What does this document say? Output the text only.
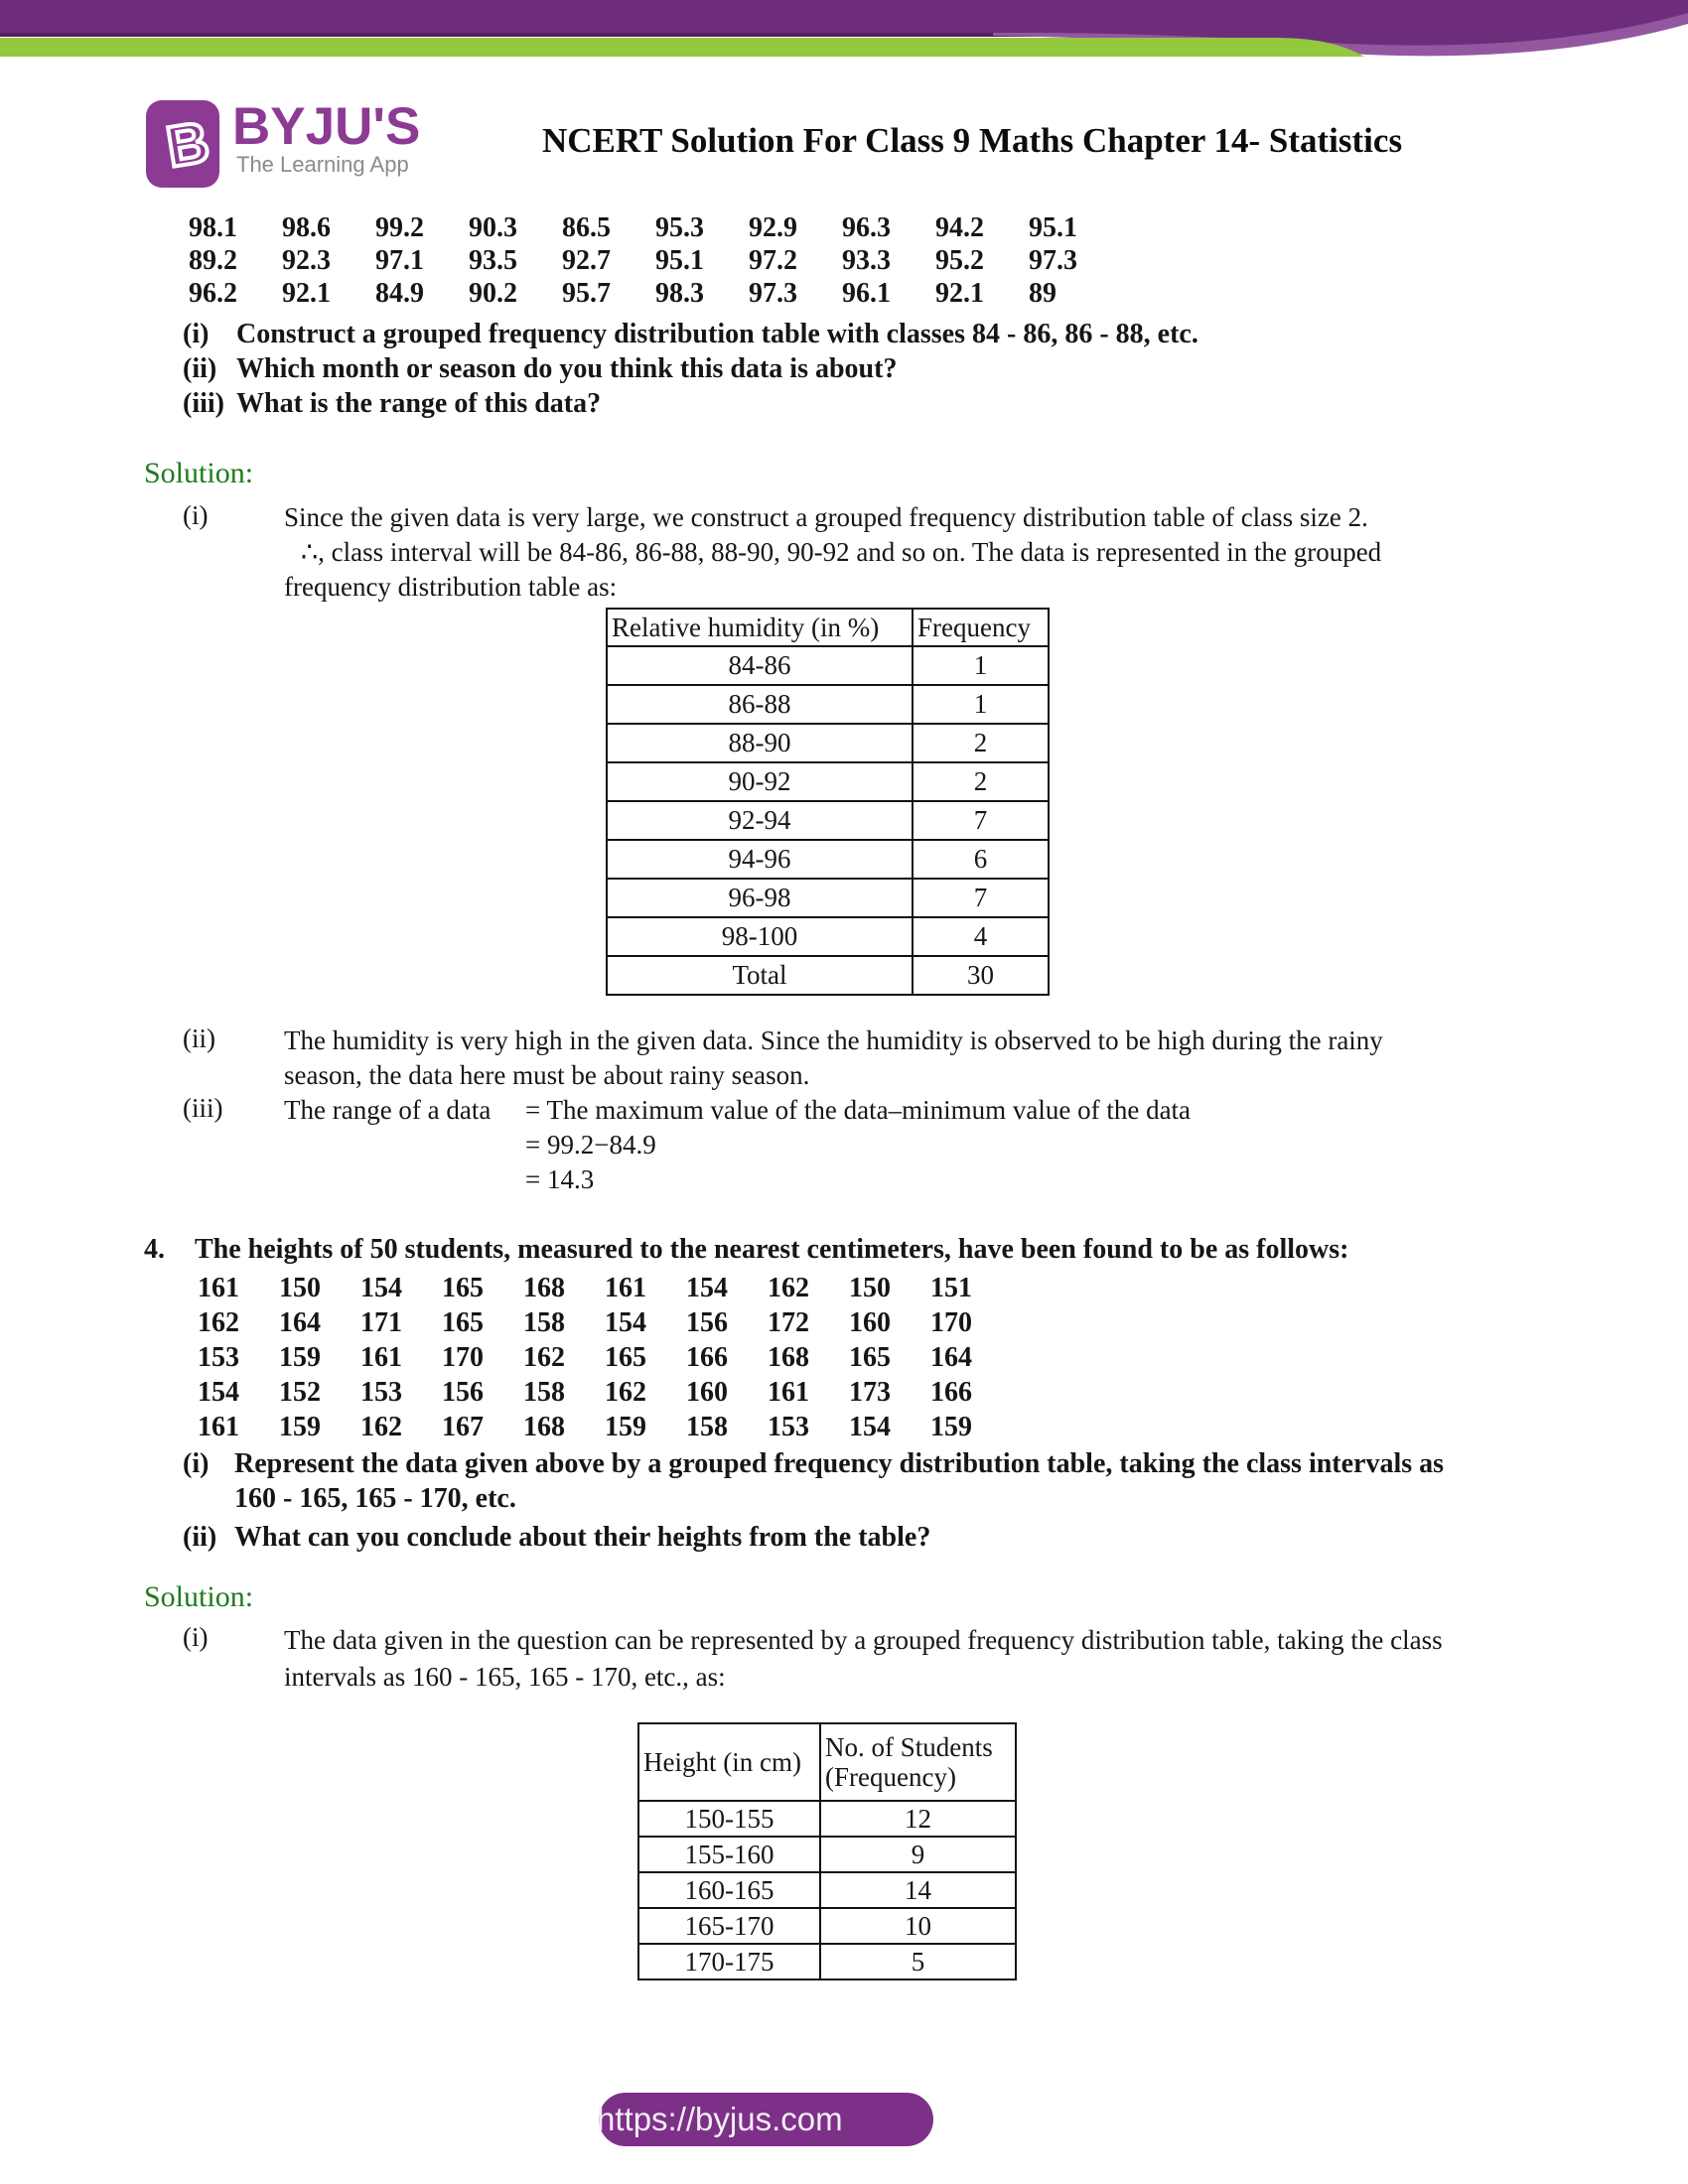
B BYJU'S
The Learning App
NCERT Solution For Class 9 Maths Chapter 14- Statistics
98.1	98.6	99.2	90.3	86.5	95.3	92.9	96.3	94.2	95.1
89.2	92.3	97.1	93.5	92.7	95.1	97.2	93.3	95.2	97.3
96.2	92.1	84.9	90.2	95.7	98.3	97.3	96.1	92.1	89
(i) Construct a grouped frequency distribution table with classes 84 - 86, 86 - 88, etc.
(ii) Which month or season do you think this data is about?
(iii) What is the range of this data?
Solution:
(i)	Since the given data is very large, we construct a grouped frequency distribution table of class size 2.
∴, class interval will be 84-86, 86-88, 88-90, 90-92 and so on. The data is represented in the grouped
frequency distribution table as:
Relative humidity (in %)	Frequency
84-86	1
86-88	1
88-90	2
90-92	2
92-94	7
94-96	6
96-98	7
98-100	4
Total	30
(ii)	The humidity is very high in the given data. Since the humidity is observed to be high during the rainy
season, the data here must be about rainy season.
(iii) The range of a data = The maximum value of the data–minimum value of the data
= 99.2−84.9
= 14.3
4. The heights of 50 students, measured to the nearest centimeters, have been found to be as follows:
161	150	154	165	168	161	154	162	150	151
162	164	171	165	158	154	156	172	160	170
153	159	161	170	162	165	166	168	165	164
154	152	153	156	158	162	160	161	173	166
161	159	162	167	168	159	158	153	154	159
(i) Represent the data given above by a grouped frequency distribution table, taking the class intervals as
160 - 165, 165 - 170, etc.
(ii) What can you conclude about their heights from the table?
Solution:
(i)	The data given in the question can be represented by a grouped frequency distribution table, taking the class
intervals as 160 - 165, 165 - 170, etc., as:
Height (in cm)	No. of Students
(Frequency)

150-155	12
155-160	9
160-165	14
165-170	10
170-175	5
https://byjus.com
